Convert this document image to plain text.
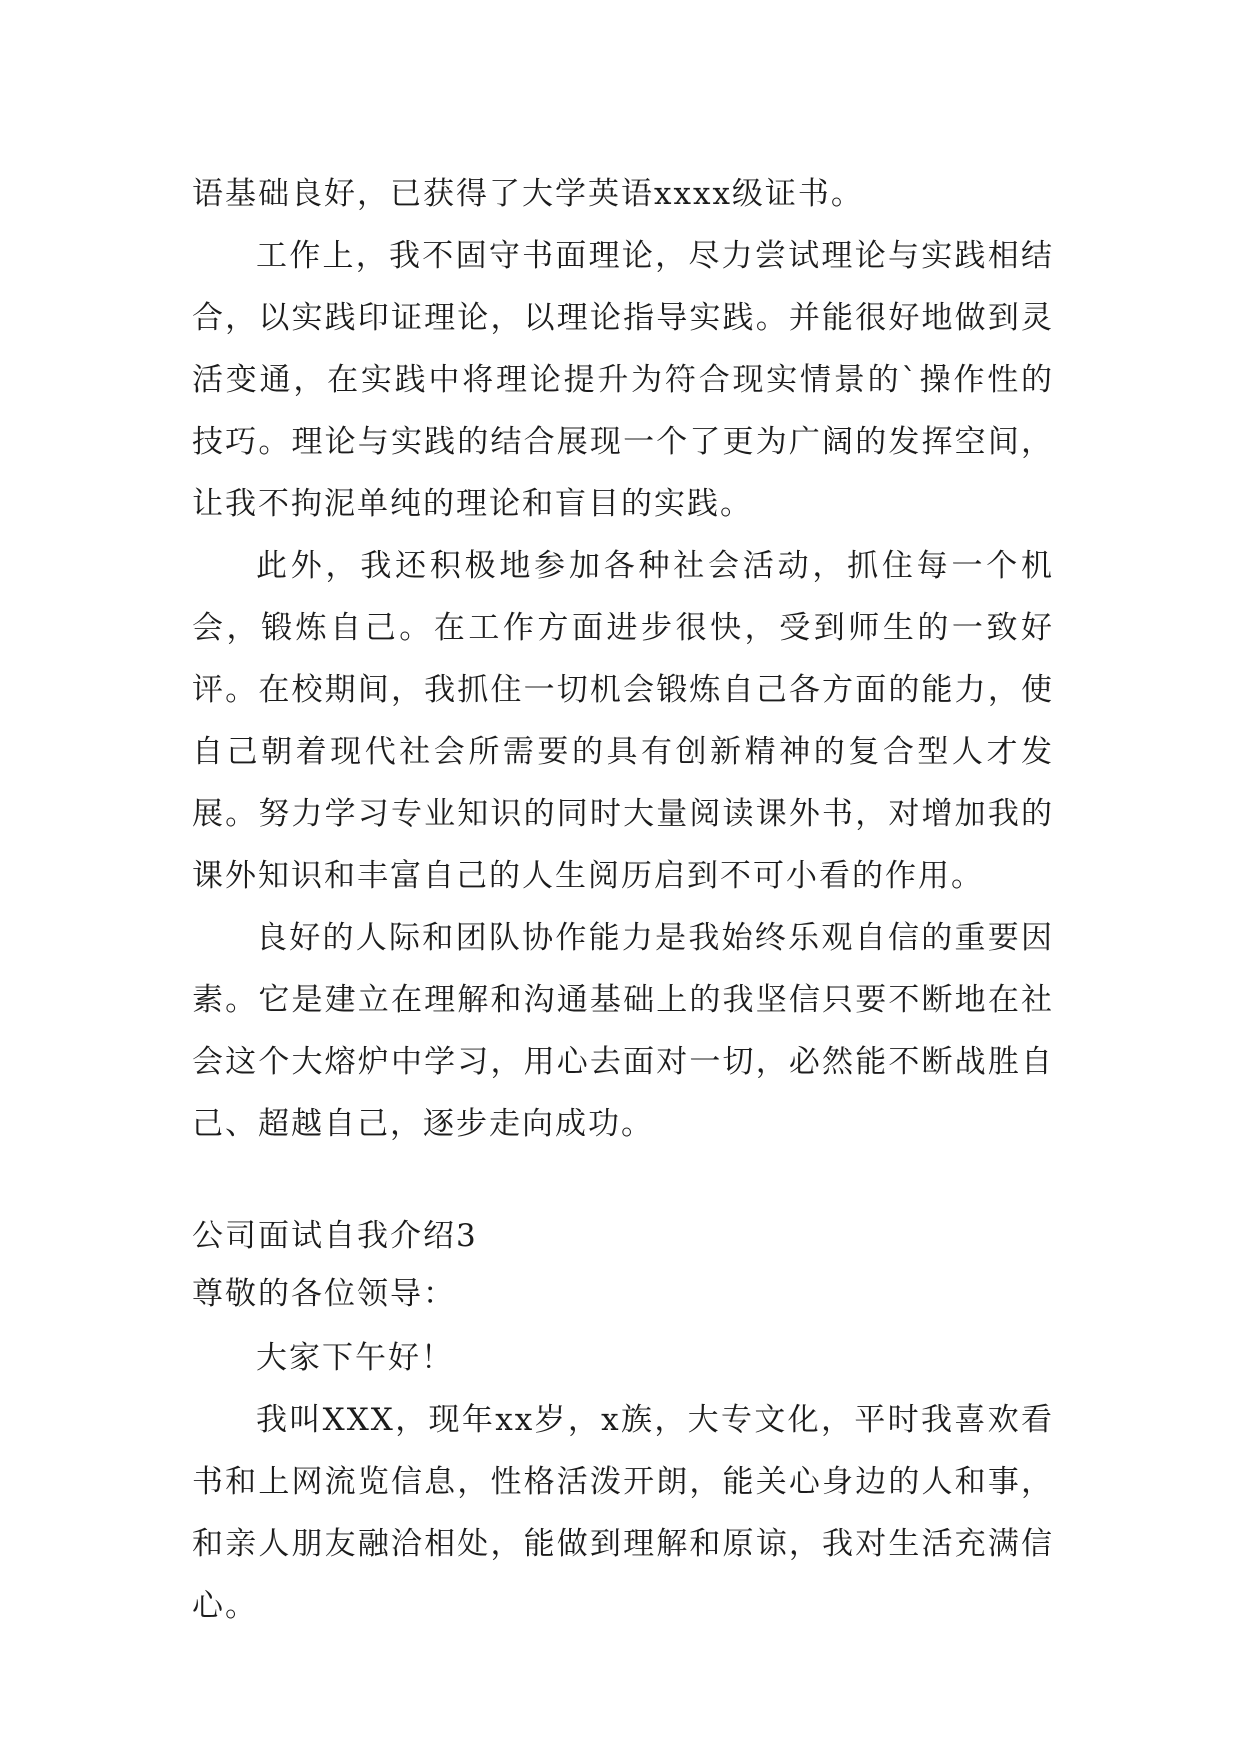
语基础良好，已获得了大学英语xxxx级证书。

工作上，我不固守书面理论，尽力尝试理论与实践相结合，以实践印证理论，以理论指导实践。并能很好地做到灵活变通，在实践中将理论提升为符合现实情景的`操作性的技巧。理论与实践的结合展现一个了更为广阔的发挥空间，让我不拘泥单纯的理论和盲目的实践。

此外，我还积极地参加各种社会活动，抓住每一个机会，锻炼自己。在工作方面进步很快，受到师生的一致好评。在校期间，我抓住一切机会锻炼自己各方面的能力，使自己朝着现代社会所需要的具有创新精神的复合型人才发展。努力学习专业知识的同时大量阅读课外书，对增加我的课外知识和丰富自己的人生阅历启到不可小看的作用。

良好的人际和团队协作能力是我始终乐观自信的重要因素。它是建立在理解和沟通基础上的我坚信只要不断地在社会这个大熔炉中学习，用心去面对一切，必然能不断战胜自己、超越自己，逐步走向成功。

公司面试自我介绍3

尊敬的各位领导：

大家下午好！

我叫XXX，现年xx岁，x族，大专文化，平时我喜欢看书和上网流览信息，性格活泼开朗，能关心身边的人和事，和亲人朋友融洽相处，能做到理解和原谅，我对生活充满信心。
